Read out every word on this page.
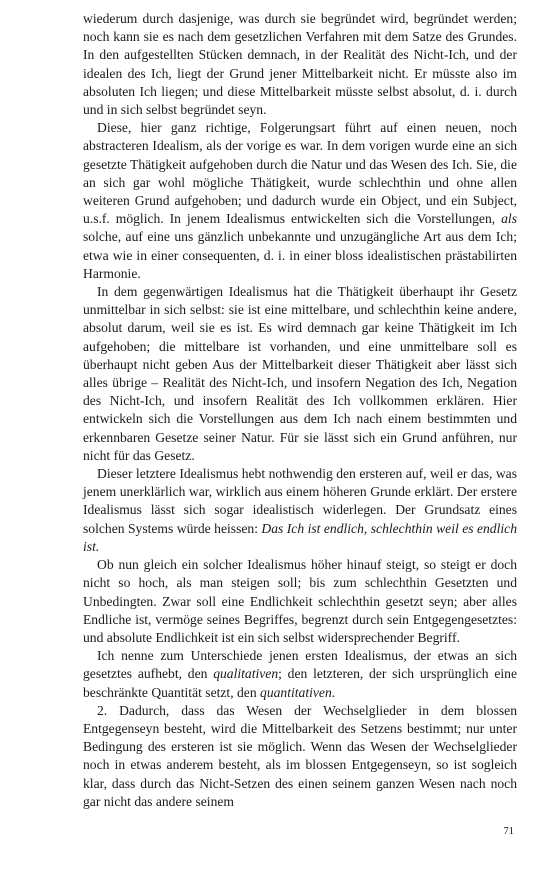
wiederum durch dasjenige, was durch sie begründet wird, begründet werden; noch kann sie es nach dem gesetzlichen Verfahren mit dem Satze des Grundes. In den aufgestellten Stücken demnach, in der Realität des Nicht-Ich, und der idealen des Ich, liegt der Grund jener Mittelbarkeit nicht. Er müsste also im absoluten Ich liegen; und diese Mittelbarkeit müsste selbst absolut, d. i. durch und in sich selbst begründet seyn.

Diese, hier ganz richtige, Folgerungsart führt auf einen neuen, noch abstracteren Idealism, als der vorige es war. In dem vorigen wurde eine an sich gesetzte Thätigkeit aufgehoben durch die Natur und das Wesen des Ich. Sie, die an sich gar wohl mögliche Thätigkeit, wurde schlechthin und ohne allen weiteren Grund aufgehoben; und dadurch wurde ein Object, und ein Subject, u.s.f. möglich. In jenem Idealismus entwickelten sich die Vorstellungen, als solche, auf eine uns gänzlich unbekannte und unzugängliche Art aus dem Ich; etwa wie in einer consequenten, d. i. in einer bloss idealistischen prästabilirten Harmonie.

In dem gegenwärtigen Idealismus hat die Thätigkeit überhaupt ihr Gesetz unmittelbar in sich selbst: sie ist eine mittelbare, und schlechthin keine andere, absolut darum, weil sie es ist. Es wird demnach gar keine Thätigkeit im Ich aufgehoben; die mittelbare ist vorhanden, und eine unmittelbare soll es überhaupt nicht geben Aus der Mittelbarkeit dieser Thätigkeit aber lässt sich alles übrige – Realität des Nicht-Ich, und insofern Negation des Ich, Negation des Nicht-Ich, und insofern Realität des Ich vollkommen erklären. Hier entwickeln sich die Vorstellungen aus dem Ich nach einem bestimmten und erkennbaren Gesetze seiner Natur. Für sie lässt sich ein Grund anführen, nur nicht für das Gesetz.

Dieser letztere Idealismus hebt nothwendig den ersteren auf, weil er das, was jenem unerklärlich war, wirklich aus einem höheren Grunde erklärt. Der erstere Idealismus lässt sich sogar idealistisch widerlegen. Der Grundsatz eines solchen Systems würde heissen: Das Ich ist endlich, schlechthin weil es endlich ist.

Ob nun gleich ein solcher Idealismus höher hinauf steigt, so steigt er doch nicht so hoch, als man steigen soll; bis zum schlechthin Gesetzten und Unbedingten. Zwar soll eine Endlichkeit schlechthin gesetzt seyn; aber alles Endliche ist, vermöge seines Begriffes, begrenzt durch sein Entgegengesetztes: und absolute Endlichkeit ist ein sich selbst widersprechender Begriff.

Ich nenne zum Unterschiede jenen ersten Idealismus, der etwas an sich gesetztes aufhebt, den qualitativen; den letzteren, der sich ursprünglich eine beschränkte Quantität setzt, den quantitativen.

2. Dadurch, dass das Wesen der Wechselglieder in dem blossen Entgegenseyn besteht, wird die Mittelbarkeit des Setzens bestimmt; nur unter Bedingung des ersteren ist sie möglich. Wenn das Wesen der Wechselglieder noch in etwas anderem besteht, als im blossen Entgegenseyn, so ist sogleich klar, dass durch das Nicht-Setzen des einen seinem ganzen Wesen nach noch gar nicht das andere seinem

71
